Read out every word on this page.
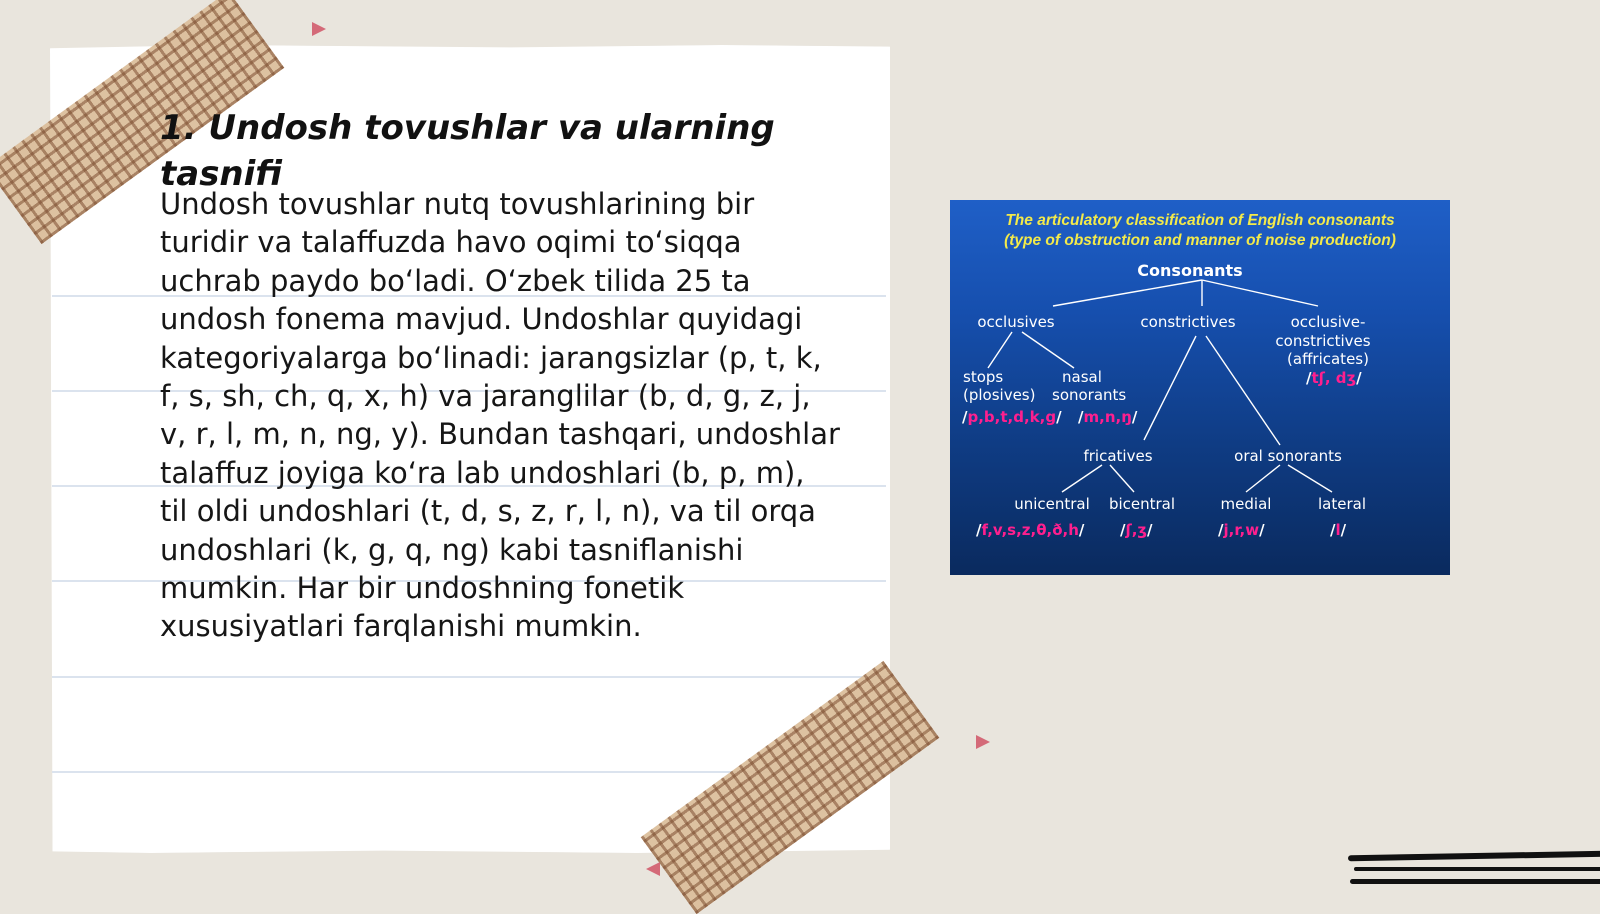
1. Undosh tovushlar va ularning tasnifi

Undosh tovushlar nutq tovushlarining bir turidir va talaffuzda havo oqimi to‘siqqa uchrab paydo bo‘ladi. O‘zbek tilida 25 ta undosh fonema mavjud. Undoshlar quyidagi kategoriyalarga bo‘linadi: jarangsizlar (p, t, k, f, s, sh, ch, q, x, h) va jaranglilar (b, d, g, z, j, v, r, l, m, n, ng, y). Bundan tashqari, undoshlar talaffuz joyiga ko‘ra lab undoshlari (b, p, m), til oldi undoshlari (t, d, s, z, r, l, n), va til orqa undoshlari (k, g, q, ng) kabi tasniflanishi mumkin. Har bir undoshning fonetik xususiyatlari farqlanishi mumkin.

The articulatory classification of English consonants
(type of obstruction and manner of noise production)
Consonants
occlusives	constrictives	occlusive-
constrictives
(affricates)
stops
(plosives)
nasal
sonorants
fricatives	oral sonorants
unicentral bicentral	medial	lateral
/tʃ, dʒ/
/p,b,t,d,k,g/ /m,n,ŋ/
/f,v,s,z,θ,ð,h/ /ʃ,ʒ/	/j,r,w/	/l/
